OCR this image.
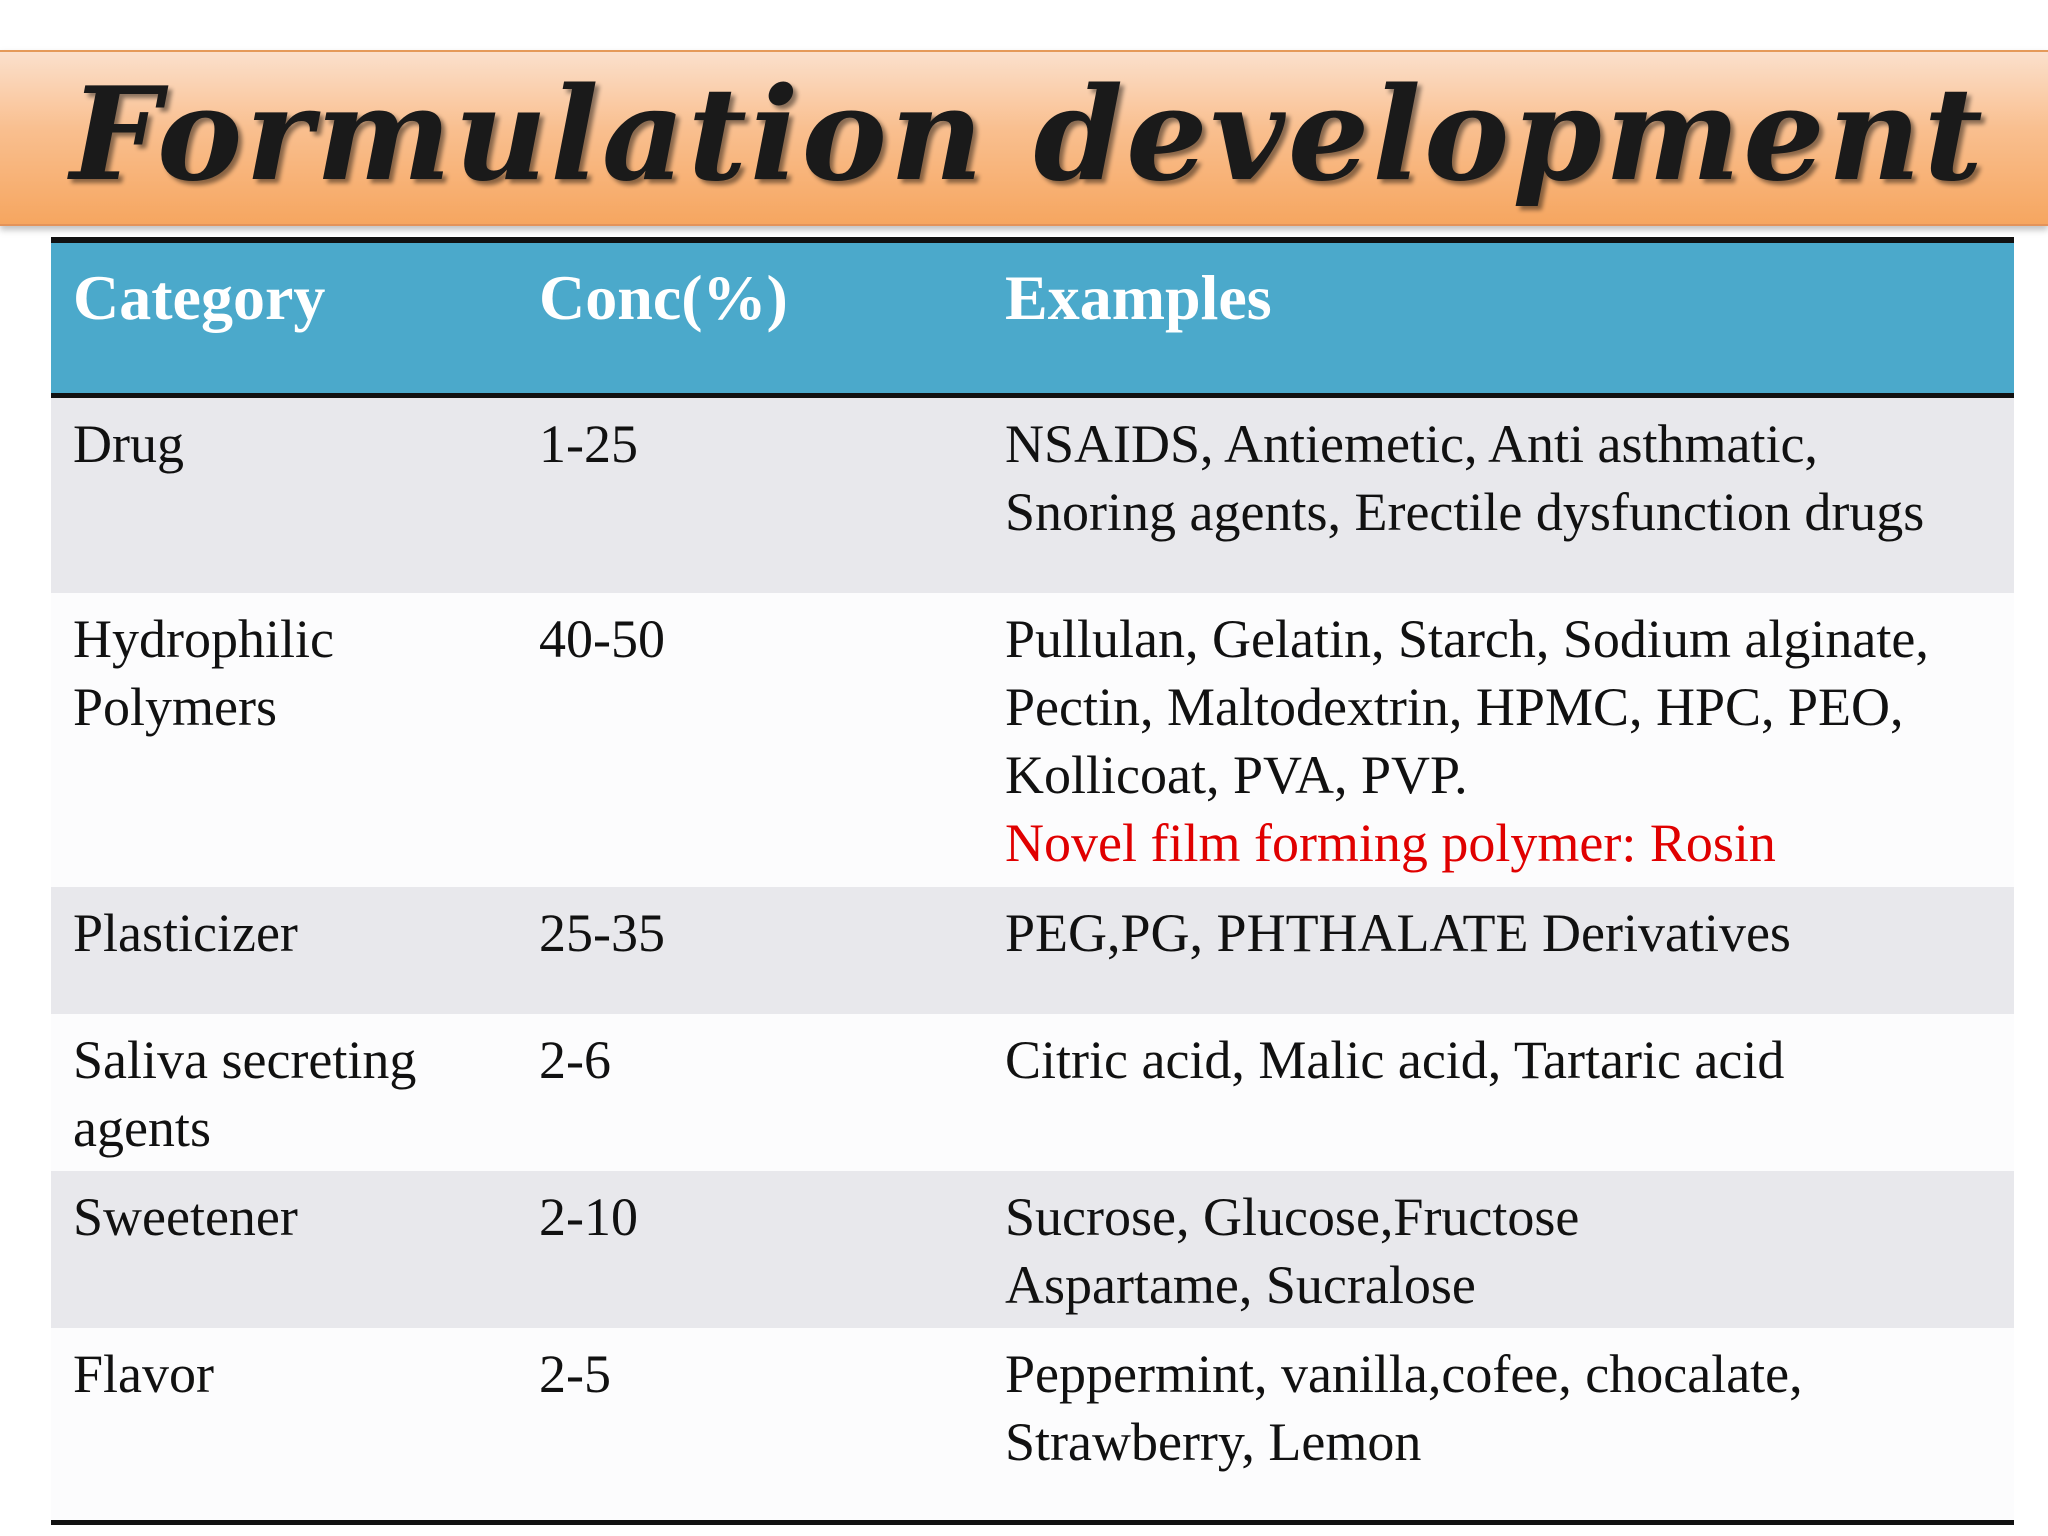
Formulation development
Category	Conc(%)	Examples
Drug	1-25	NSAIDS, Antiemetic, Anti asthmatic,
Snoring agents, Erectile dysfunction drugs
Hydrophilic
Polymers
40-50	Pullulan, Gelatin, Starch, Sodium alginate,
Pectin, Maltodextrin, HPMC, HPC, PEO,
Kollicoat, PVA, PVP.
Novel film forming polymer: Rosin
Plasticizer	25-35	PEG,PG, PHTHALATE Derivatives
Saliva secreting
agents
2-6	Citric acid, Malic acid, Tartaric acid
Sweetener	2-10	Sucrose, Glucose,Fructose
Aspartame, Sucralose
Flavor	2-5	Peppermint, vanilla,cofee, chocalate,
Strawberry, Lemon
